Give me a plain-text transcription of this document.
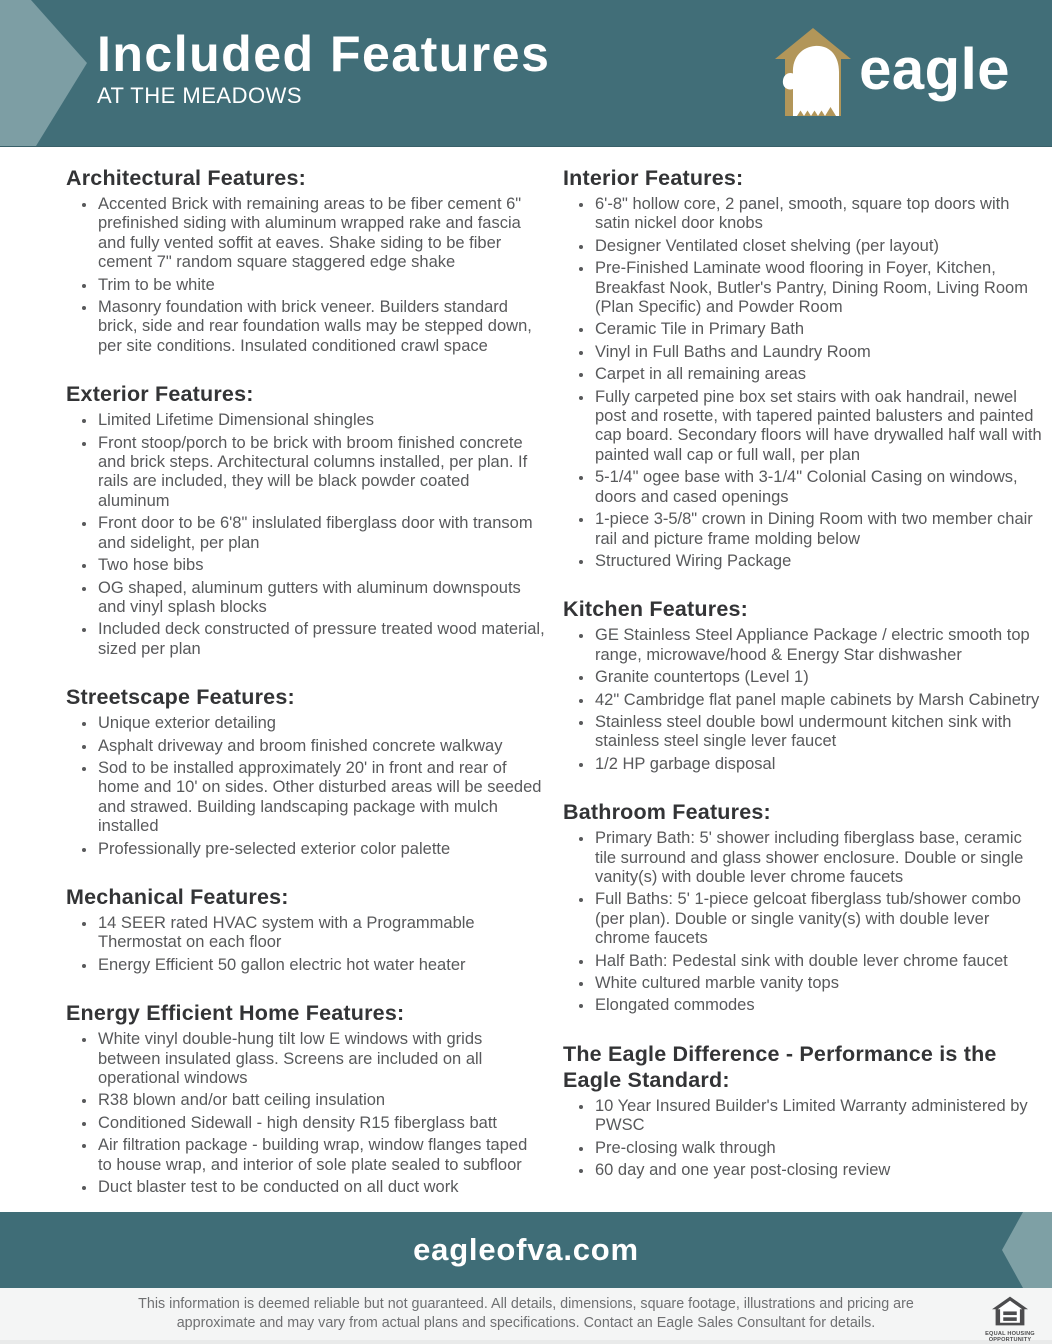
Included Features
AT THE MEADOWS	eagle
Architectural Features:
• Accented Brick with remaining areas to be fiber cement 6" prefinished siding with aluminum wrapped rake and fascia and fully vented soffit at eaves. Shake siding to be fiber cement 7" random square staggered edge shake
• Trim to be white
• Masonry foundation with brick veneer. Builders standard brick, side and rear foundation walls may be stepped down, per site conditions. Insulated conditioned crawl space
Exterior Features:
• Limited Lifetime Dimensional shingles
• Front stoop/porch to be brick with broom finished concrete and brick steps. Architectural columns installed, per plan. If rails are included, they will be black powder coated aluminum
• Front door to be 6'8" inslulated fiberglass door with transom and sidelight, per plan
• Two hose bibs
• OG shaped, aluminum gutters with aluminum downspouts and vinyl splash blocks
• Included deck constructed of pressure treated wood material, sized per plan
Streetscape Features:
• Unique exterior detailing
• Asphalt driveway and broom finished concrete walkway
• Sod to be installed approximately 20' in front and rear of home and 10' on sides. Other disturbed areas will be seeded and strawed. Building landscaping package with mulch installed
• Professionally pre-selected exterior color palette
Mechanical Features:
• 14 SEER rated HVAC system with a Programmable Thermostat on each floor
• Energy Efficient 50 gallon electric hot water heater
Energy Efficient Home Features:
• White vinyl double-hung tilt low E windows with grids between insulated glass. Screens are included on all operational windows
• R38 blown and/or batt ceiling insulation
• Conditioned Sidewall - high density R15 fiberglass batt
• Air filtration package - building wrap, window flanges taped to house wrap, and interior of sole plate sealed to subfloor
• Duct blaster test to be conducted on all duct work
Interior Features:
• 6'-8" hollow core, 2 panel, smooth, square top doors with satin nickel door knobs
• Designer Ventilated closet shelving (per layout)
• Pre-Finished Laminate wood flooring in Foyer, Kitchen, Breakfast Nook, Butler's Pantry, Dining Room, Living Room (Plan Specific) and Powder Room
• Ceramic Tile in Primary Bath
• Vinyl in Full Baths and Laundry Room
• Carpet in all remaining areas
• Fully carpeted pine box set stairs with oak handrail, newel post and rosette, with tapered painted balusters and painted cap board. Secondary floors will have drywalled half wall with painted wall cap or full wall, per plan
• 5-1/4" ogee base with 3-1/4" Colonial Casing on windows, doors and cased openings
• 1-piece 3-5/8" crown in Dining Room with two member chair rail and picture frame molding below
• Structured Wiring Package
Kitchen Features:
• GE Stainless Steel Appliance Package / electric smooth top range, microwave/hood & Energy Star dishwasher
• Granite countertops (Level 1)
• 42" Cambridge flat panel maple cabinets by Marsh Cabinetry
• Stainless steel double bowl undermount kitchen sink with stainless steel single lever faucet
• 1/2 HP garbage disposal
Bathroom Features:
• Primary Bath: 5' shower including fiberglass base, ceramic tile surround and glass shower enclosure. Double or single vanity(s) with double lever chrome faucets
• Full Baths: 5' 1-piece gelcoat fiberglass tub/shower combo (per plan). Double or single vanity(s) with double lever chrome faucets
• Half Bath: Pedestal sink with double lever chrome faucet
• White cultured marble vanity tops
• Elongated commodes
The Eagle Difference - Performance is the Eagle Standard:
• 10 Year Insured Builder's Limited Warranty administered by PWSC
• Pre-closing walk through
• 60 day and one year post-closing review
eagleofva.com

This information is deemed reliable but not guaranteed. All details, dimensions, square footage, illustrations and pricing are approximate and may vary from actual plans and specifications. Contact an Eagle Sales Consultant for details.

EQUAL HOUSING
OPPORTUNITY
